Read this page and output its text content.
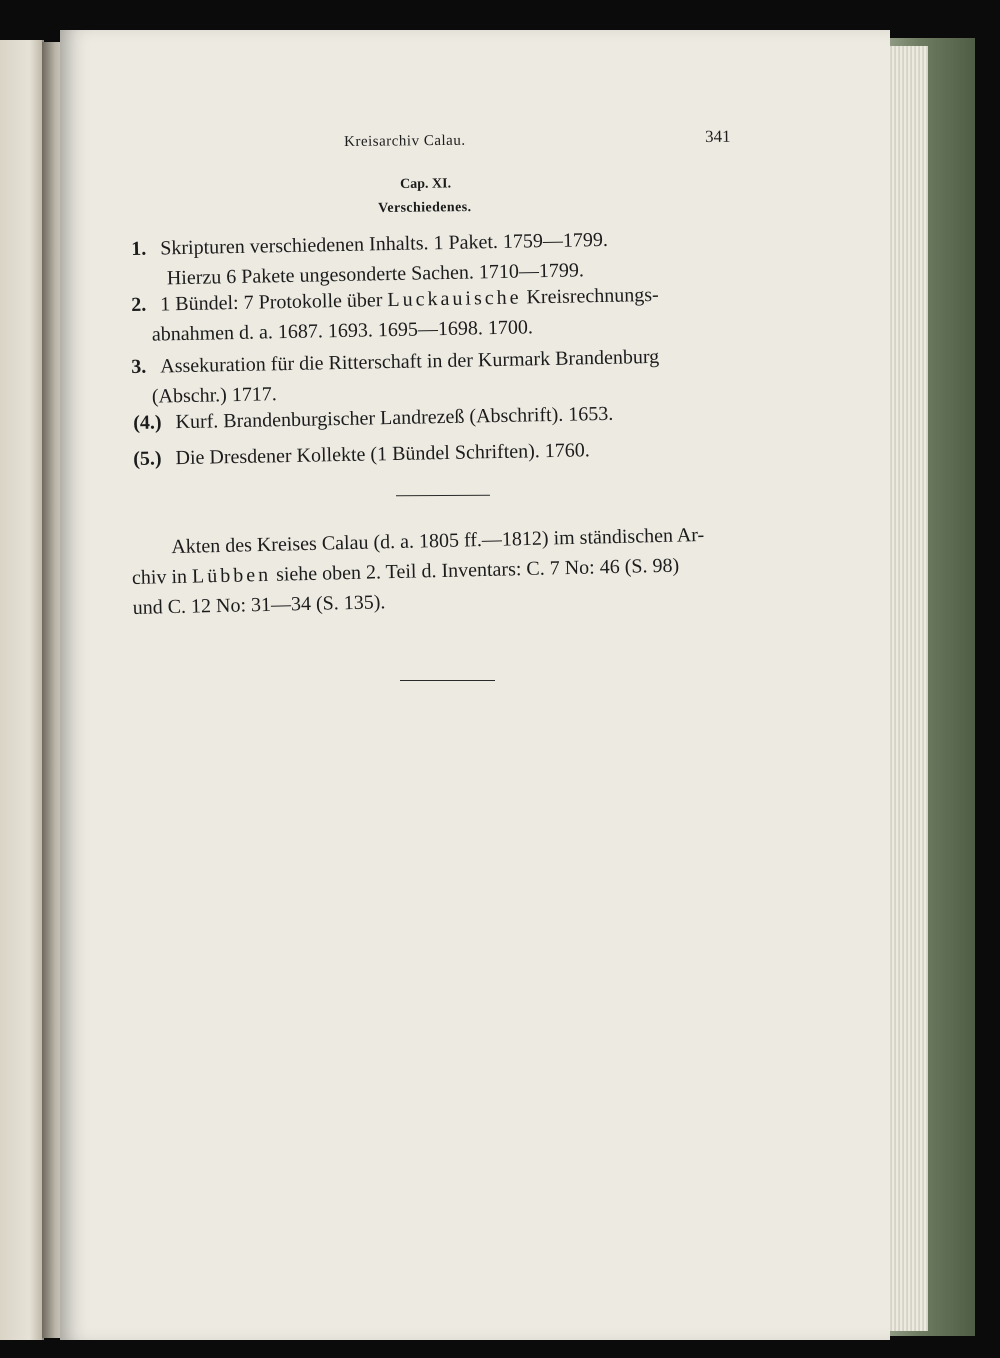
Kreisarchiv Calau.	341
Cap. XI.
Verschiedenes.
1. Skripturen verschiedenen Inhalts. 1 Paket. 1759—1799.
Hierzu 6 Pakete ungesonderte Sachen. 1710—1799.
2. 1 Bündel: 7 Protokolle über Luckauische Kreisrechnungs-
abnahmen d. a. 1687. 1693. 1695—1698. 1700.
3. Assekuration für die Ritterschaft in der Kurmark Brandenburg
(Abschr.) 1717.
(4.) Kurf. Brandenburgischer Landrezeß (Abschrift). 1653.
(5.) Die Dresdener Kollekte (1 Bündel Schriften). 1760.
Akten des Kreises Calau (d. a. 1805 ff.—1812) im ständischen Ar-
chiv in Lübben siehe oben 2. Teil d. Inventars: C. 7 No: 46 (S. 98)
und C. 12 No: 31—34 (S. 135).
